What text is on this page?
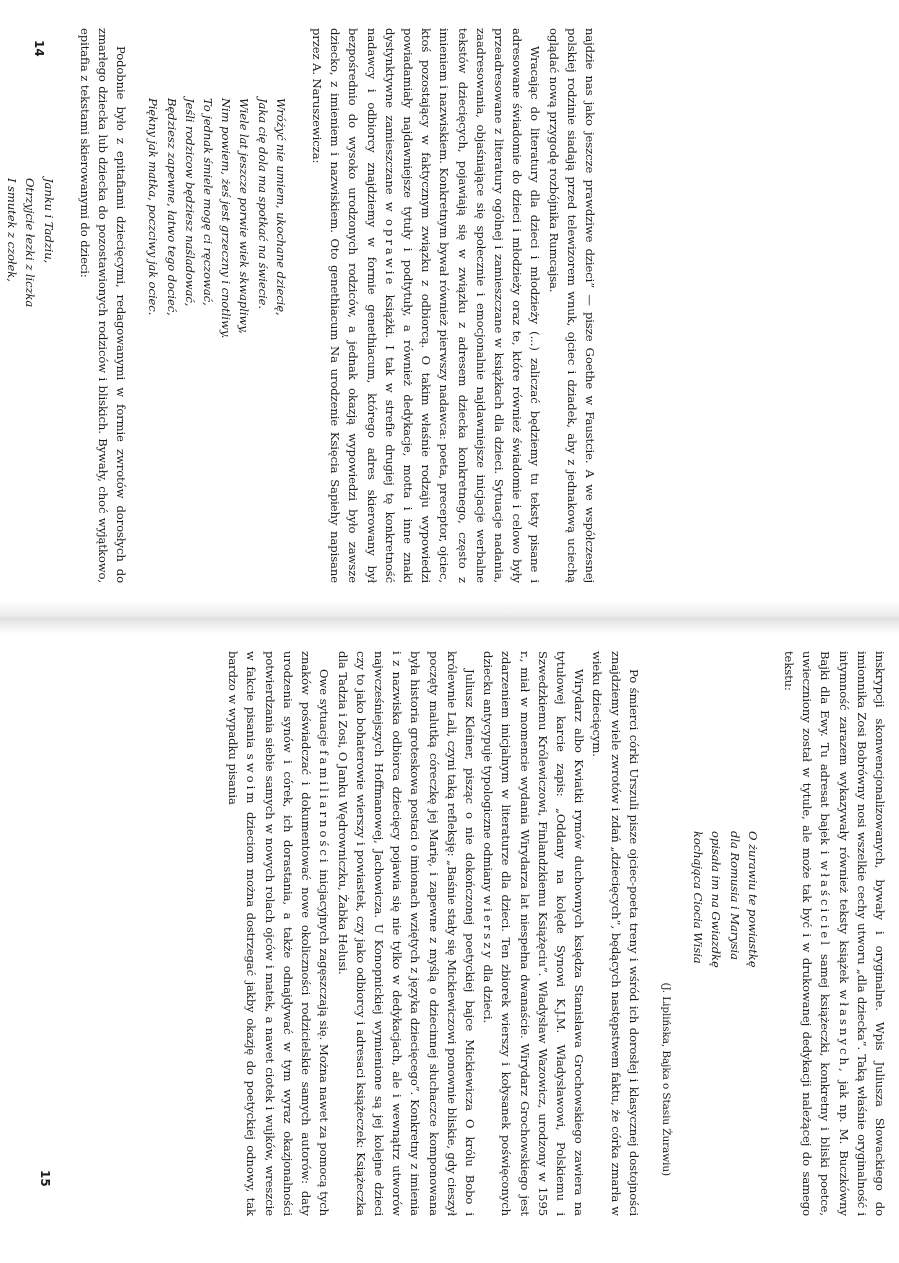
najdzie nas jako jeszcze prawdziwe dzieci” — pisze Goethe w Faustcie. A we współczesnej polskiej rodzinie siadają przed telewizorem wnuk, ojciec i dziadek, aby z jednakową uciechą oglądać nową przygodę rozbójnika Rumcajsa.

Wracając do literatury dla dzieci i młodzieży (...) zaliczać będziemy tu teksty pisane i adresowane świadomie do dzieci i młodzieży oraz te, które również świadomie i celowo były przeadresowane z literatury ogólnej i zamieszczane w książkach dla dzieci. Sytuacje nadania, zaadresowania, objaśniające się społecznie i emocjonalnie najdawniejsze inicjacje werbalne tekstów dziecięcych, pojawiają się w związku z adresem dziecka konkretnego, często z imieniem i nazwiskiem. Konkretnym bywał również pierwszy nadawca: poeta, preceptor, ojciec, ktoś pozostający w faktycznym związku z odbiorcą. O takim właśnie rodzaju wypowiedzi powiadamiały najdawniejsze tytuły i podtytuły, a również dedykacje, motta i inne znaki dystynktywne zamieszczane w oprawie książki. I tak w strefie drugiej tę konkretność nadawcy i odbiorcy znajdziemy w formie genethiacum, którego adres skierowany był bezpośrednio do wysoko urodzonych rodziców, a jednak okazją wypowiedzi było zawsze dziecko, z imieniem i nazwiskiem. Oto genethiacum Na urodzenie Księcia Sapiehy napisane przez A. Naruszewicza:

Wróżyć nie umiem, ukochane dziecię,
Jaka cię dola ma spotkać na świecie.
Wiele lat jeszcze porwie wiek skwapliwy,
Nim powiem, żeś jest grzeczny i cnotliwy.
To jednak śmiele mogę ci ręczować,
Jeśli rodzicow będziesz naśladować,
Będziesz zapewne, łatwo tego docieć,
Piękny jak matka, poczciwy jak ociec.

Podobnie było z epitafiami dziecięcymi, redagowanymi w formie zwrotów dorosłych do zmarłego dziecka lub dziecka do pozostawionych rodziców i bliskich. Bywały, choć wyjątkowo, epitafia z tekstami skierowanymi do dzieci:

Janku i Tadziu,
Otrzyjcie łezki z liczka
I smutek z czołek,

inskrypcji skonwencjonalizowanych, bywały i oryginalne. Wpis Juliusza Słowackiego do imionnika Zosi Bobrówny nosi wszelkie cechy utworu „dla dziecka”. Taką właśnie oryginalność i intymność zarazem wykazywały również teksty książek własnych, jak np. M. Buczkówny Bajki dla Ewy. Tu adresat bajek i właściciel samej książeczki, konkretny i bliski poetce, uwieczniony został w tytule, ale może tak być i w drukowanej dedykacji należącej do samego tekstu:

O żurawiu te powiastkę
dla Romusia i Marysia
opisała im na Gwiazdkę
kochająca Ciocia Wisia
(J. Liplińska, Bajka o Stasiu Żurawiu)

Po śmierci córki Urszuli pisze ojciec-poeta treny i wśród ich dorosłej i klasycznej dostojności znajdziemy wiele zwrotów i zdań „dziecięcych”, będących następstwem faktu, że córka zmarła w wieku dziecięcym.

Wirydarz albo Kwiatki rymów duchownych księdza Stanisława Grochowskiego zawiera na tytułowej karcie zapis: „Oddany na kolęde Synowi K.J.M. Władysławowi, Polskiemu i Szwedzkiemu Królewiczowi, Finlandzkiemu Książęciu”. Władysław Wazowicz, urodzony w 1595 r., miał w momencie wydania Wirydarza lat niespełna dwanaście. Wirydarz Grochowskiego jest zdarzeniem inicjalnym w literaturze dla dzieci. Ten zbiorek wierszy i kołysanek poświęconych dziecku antycypuje typologiczne odmiany wierszy dla dzieci.

Juliusz Kleiner, pisząc o nie dokończonej poetyckiej bajce Mickiewicza O królu Bobo i królewnie Lali, czyni taką refleksję: „Baśnie stały się Mickiewiczowi ponownie bliskie, gdy cieszył poczęty malutką córeczkę jej Marię, i zapewne z myślą o dziecinnej słuchaczce komponowana była historia groteskowa postaci o imionach wziętych z języka dziecięcego”. Konkretny z imienia i z nazwiska odbiorca dziecięcy pojawia się nie tylko w dedykacjach, ale i wewnątrz utworów najwcześniejszych Hoffmanowej, Jachowicza. U Konopnickiej wymienione są jej kolejne dzieci czy to jako bohaterowie wierszy i powiastek, czy jako odbiorcy i adresaci książeczek: Książeczka dla Tadzia i Zosi, O Janku Wędrowniczku, Żabka Helusi.

Owe sytuacje familiarności inicjacyjnych zagęszczają się. Można nawet za pomocą tych znaków poświadczać i dokumentować nowe okoliczności rodzicielskie samych autorów: daty urodzenia synów i córek, ich dorastania, a także odnajdywać w tym wyraz okazjonalności potwierdzania siebie samych w nowych rolach ojców i matek, a nawet ciotek i wujków, wreszcie w fakcie pisania swoim dzieciom można dostrzegać jakby okazję do poetyckiej odnowy, tak bardzo w wypadku pisania

14
15
